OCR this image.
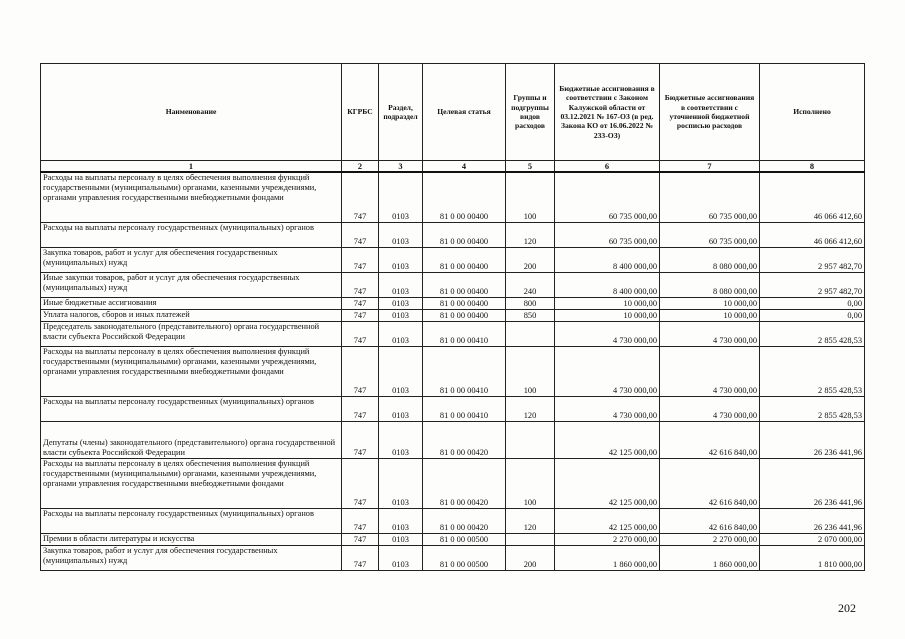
Наименование	КГРБС	Раздел, подраздел	Целевая статья	Группы и подгруппы видов расходов	Бюджетные ассигнования в соответствии с Законом Калужской области от 03.12.2021 № 167-ОЗ (в ред. Закона КО от 16.06.2022 № 233-ОЗ)	Бюджетные ассигнования в соответствии с уточненной бюджетной росписью расходов	Исполнено
1	2	3	4	5	6	7	8
Расходы на выплаты персоналу в целях обеспечения выполнения функций государственными (муниципальными) органами, казенными учреждениями, органами управления государственными внебюджетными фондами	747	0103	81 0 00 00400	100	60 735 000,00	60 735 000,00	46 066 412,60
Расходы на выплаты персоналу государственных (муниципальных) органов	747	0103	81 0 00 00400	120	60 735 000,00	60 735 000,00	46 066 412,60
Закупка товаров, работ и услуг для обеспечения государственных (муниципальных) нужд	747	0103	81 0 00 00400	200	8 400 000,00	8 080 000,00	2 957 482,70
Иные закупки товаров, работ и услуг для обеспечения государственных (муниципальных) нужд	747	0103	81 0 00 00400	240	8 400 000,00	8 080 000,00	2 957 482,70
Иные бюджетные ассигнования	747	0103	81 0 00 00400	800	10 000,00	10 000,00	0,00
Уплата налогов, сборов и иных платежей	747	0103	81 0 00 00400	850	10 000,00	10 000,00	0,00
Председатель законодательного (представительного) органа государственной власти субъекта Российской Федерации	747	0103	81 0 00 00410		4 730 000,00	4 730 000,00	2 855 428,53
Расходы на выплаты персоналу в целях обеспечения выполнения функций государственными (муниципальными) органами, казенными учреждениями, органами управления государственными внебюджетными фондами	747	0103	81 0 00 00410	100	4 730 000,00	4 730 000,00	2 855 428,53
Расходы на выплаты персоналу государственных (муниципальных) органов	747	0103	81 0 00 00410	120	4 730 000,00	4 730 000,00	2 855 428,53
Депутаты (члены) законодательного (представительного) органа государственной власти субъекта Российской Федерации	747	0103	81 0 00 00420		42 125 000,00	42 616 840,00	26 236 441,96
Расходы на выплаты персоналу в целях обеспечения выполнения функций государственными (муниципальными) органами, казенными учреждениями, органами управления государственными внебюджетными фондами	747	0103	81 0 00 00420	100	42 125 000,00	42 616 840,00	26 236 441,96
Расходы на выплаты персоналу государственных (муниципальных) органов	747	0103	81 0 00 00420	120	42 125 000,00	42 616 840,00	26 236 441,96
Премии в области литературы и искусства	747	0103	81 0 00 00500		2 270 000,00	2 270 000,00	2 070 000,00
Закупка товаров, работ и услуг для обеспечения государственных (муниципальных) нужд	747	0103	81 0 00 00500	200	1 860 000,00	1 860 000,00	1 810 000,00
202
